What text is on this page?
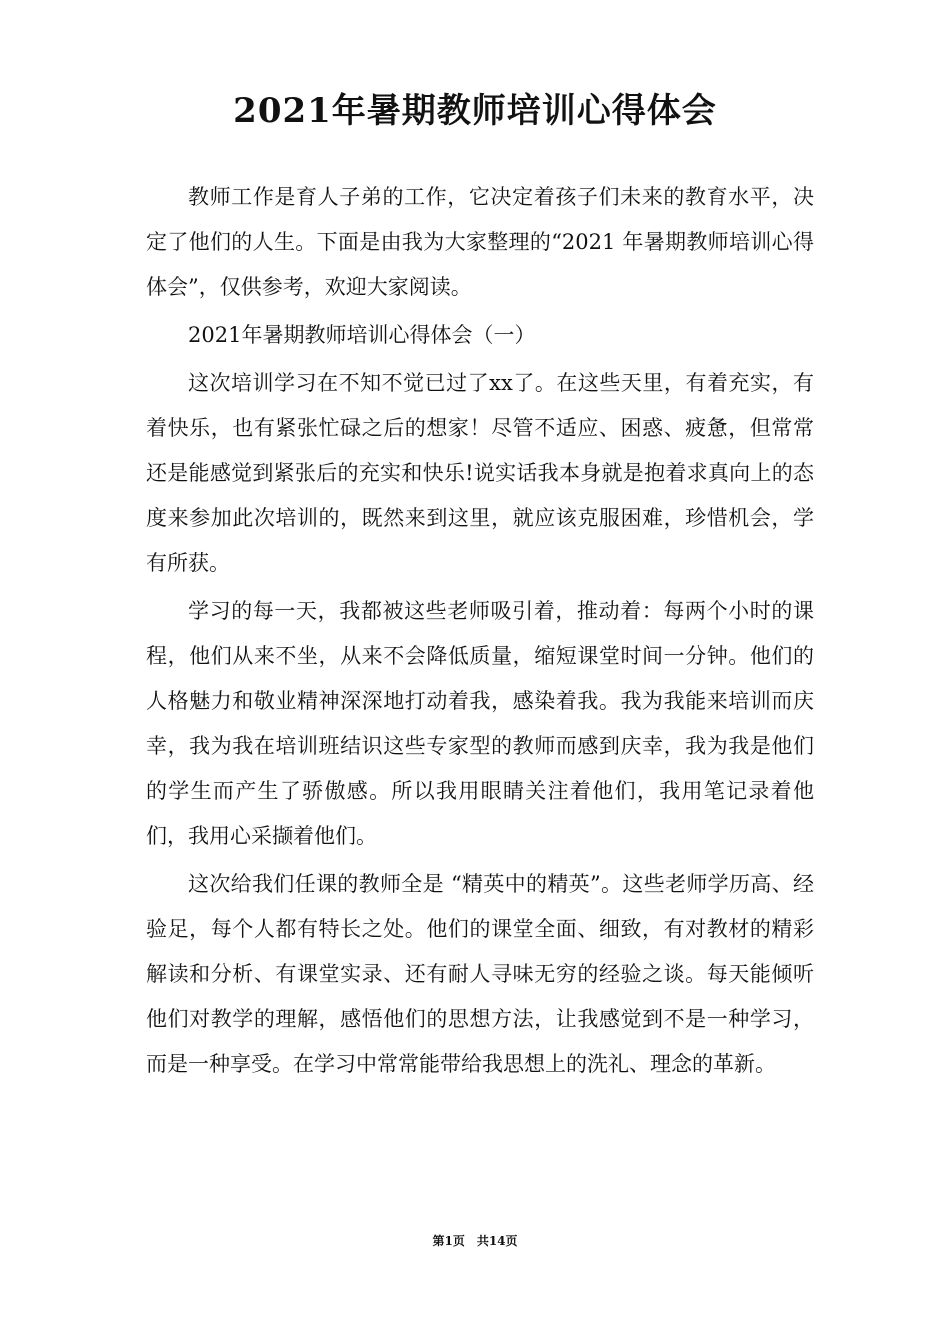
2021年暑期教师培训心得体会

教师工作是育人子弟的工作，它决定着孩子们未来的教育水平，决定了他们的人生。下面是由我为大家整理的“2021 年暑期教师培训心得体会”，仅供参考，欢迎大家阅读。

2021年暑期教师培训心得体会（一）

这次培训学习在不知不觉已过了xx了。在这些天里，有着充实，有着快乐，也有紧张忙碌之后的想家！尽管不适应、困惑、疲惫，但常常还是能感觉到紧张后的充实和快乐!说实话我本身就是抱着求真向上的态度来参加此次培训的，既然来到这里，就应该克服困难，珍惜机会，学有所获。

学习的每一天，我都被这些老师吸引着，推动着：每两个小时的课程，他们从来不坐，从来不会降低质量，缩短课堂时间一分钟。他们的人格魅力和敬业精神深深地打动着我，感染着我。我为我能来培训而庆幸，我为我在培训班结识这些专家型的教师而感到庆幸，我为我是他们的学生而产生了骄傲感。所以我用眼睛关注着他们，我用笔记录着他们，我用心采撷着他们。

这次给我们任课的教师全是 “精英中的精英”。这些老师学历高、经验足，每个人都有特长之处。他们的课堂全面、细致，有对教材的精彩解读和分析、有课堂实录、还有耐人寻味无穷的经验之谈。每天能倾听他们对教学的理解，感悟他们的思想方法，让我感觉到不是一种学习，而是一种享受。在学习中常常能带给我思想上的洗礼、理念的革新。

第1页　共14页
